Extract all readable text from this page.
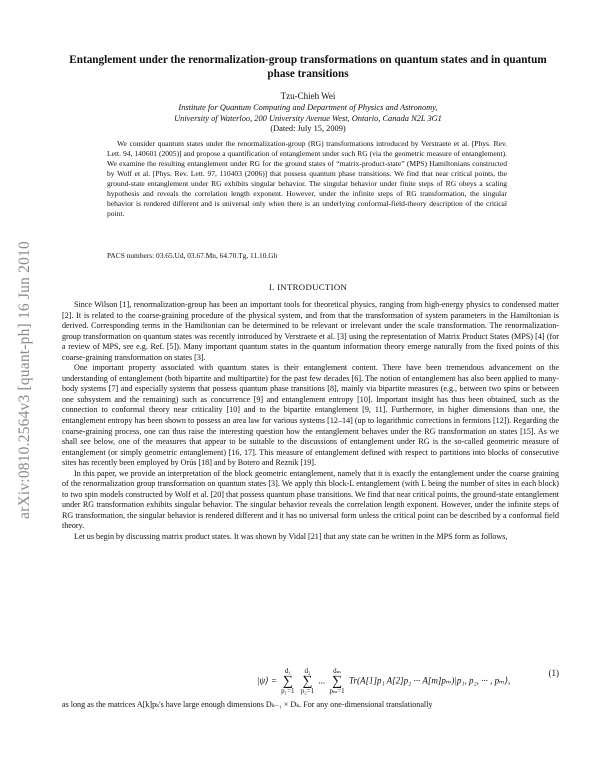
arXiv:0810.2564v3 [quant-ph] 16 Jun 2010
Entanglement under the renormalization-group transformations on quantum states and in quantum phase transitions
Tzu-Chieh Wei
Institute for Quantum Computing and Department of Physics and Astronomy,
University of Waterloo, 200 University Avenue West, Ontario, Canada N2L 3G1
(Dated: July 15, 2009)
We consider quantum states under the renormalization-group (RG) transformations introduced by Verstraete et al. [Phys. Rev. Lett. 94, 140601 (2005)] and propose a quantification of entanglement under such RG (via the geometric measure of entanglement). We examine the resulting entanglement under RG for the ground states of “matrix-product-state” (MPS) Hamiltonians constructed by Wolf et al. [Phys. Rev. Lett. 97, 110403 (2006)] that possess quantum phase transitions. We find that near critical points, the ground-state entanglement under RG exhibits singular behavior. The singular behavior under finite steps of RG obeys a scaling hypothesis and reveals the correlation length exponent. However, under the infinite steps of RG transformation, the singular behavior is rendered different and is universal only when there is an underlying conformal-field-theory description of the critical point.
PACS numbers: 03.65.Ud, 03.67.Mn, 64.70.Tg, 11.10.Gh
I. INTRODUCTION

Since Wilson [1], renormalization-group has been an important tools for theoretical physics, ranging from high-energy physics to condensed matter [2]. It is related to the coarse-graining procedure of the physical system, and from that the transformation of system parameters in the Hamiltonian is derived. Corresponding terms in the Hamiltonian can be determined to be relevant or irrelevant under the scale transformation. The renormalization-group transformation on quantum states was recently introduced by Verstraete et al. [3] using the representation of Matrix Product States (MPS) [4] (for a review of MPS, see e.g. Ref. [5]). Many important quantum states in the quantum information theory emerge naturally from the fixed points of this coarse-graining transformation on states [3].

One important property associated with quantum states is their entanglement content. There have been tremendous advancement on the understanding of entanglement (both bipartite and multipartite) for the past few decades [6]. The notion of entanglement has also been applied to many-body systems [7] and especially systems that possess quantum phase transitions [8], mainly via bipartite measures (e.g., between two spins or between one subsystem and the remaining) such as concurrence [9] and entanglement entropy [10]. Important insight has thus been obtained, such as the connection to conformal theory near criticality [10] and to the bipartite entanglement [9, 11]. Furthermore, in higher dimensions than one, the entanglement entropy has been shown to possess an area law for various systems [12–14] (up to logarithmic corrections in fermions [12]). Regarding the coarse-graining process, one can thus raise the interesting question how the entanglement behaves under the RG transformation on states [15]. As we shall see below, one of the measures that appear to be suitable to the discussions of entanglement under RG is the so-called geometric measure of entanglement (or simply geometric entanglement) [16, 17]. This measure of entanglement defined with respect to partitions into blocks of consecutive sites has recently been employed by Orús [18] and by Botero and Reznik [19].

In this paper, we provide an interpretation of the block geometric entanglement, namely that it is exactly the entanglement under the coarse graining of the renormalization group transformation on quantum states [3]. We apply this block-L entanglement (with L being the number of sites in each block) to two spin models constructed by Wolf et al. [20] that possess quantum phase transitions. We find that near critical points, the ground-state entanglement under RG transformation exhibits singular behavior. The singular behavior reveals the correlation length exponent. However, under the infinite steps of RG transformation, the singular behavior is rendered different and it has no universal form unless the critical point can be described by a conformal field theory.

Let us begin by discussing matrix product states. It was shown by Vidal [21] that any state can be written in the MPS form as follows,

|ψ⟩ = d₁
∑
p₁=1 d₂
∑
p₂=1 ... dₘ
∑
pₘ=1 Tr(A[1]p₁ A[2]p₂ ··· A[m]pₘ)|p₁, p₂, ··· , pₘ⟩,
(1)
as long as the matrices A[k]pₖ's have large enough dimensions Dₖ₋₁ × Dₖ. For any one-dimensional translationally
